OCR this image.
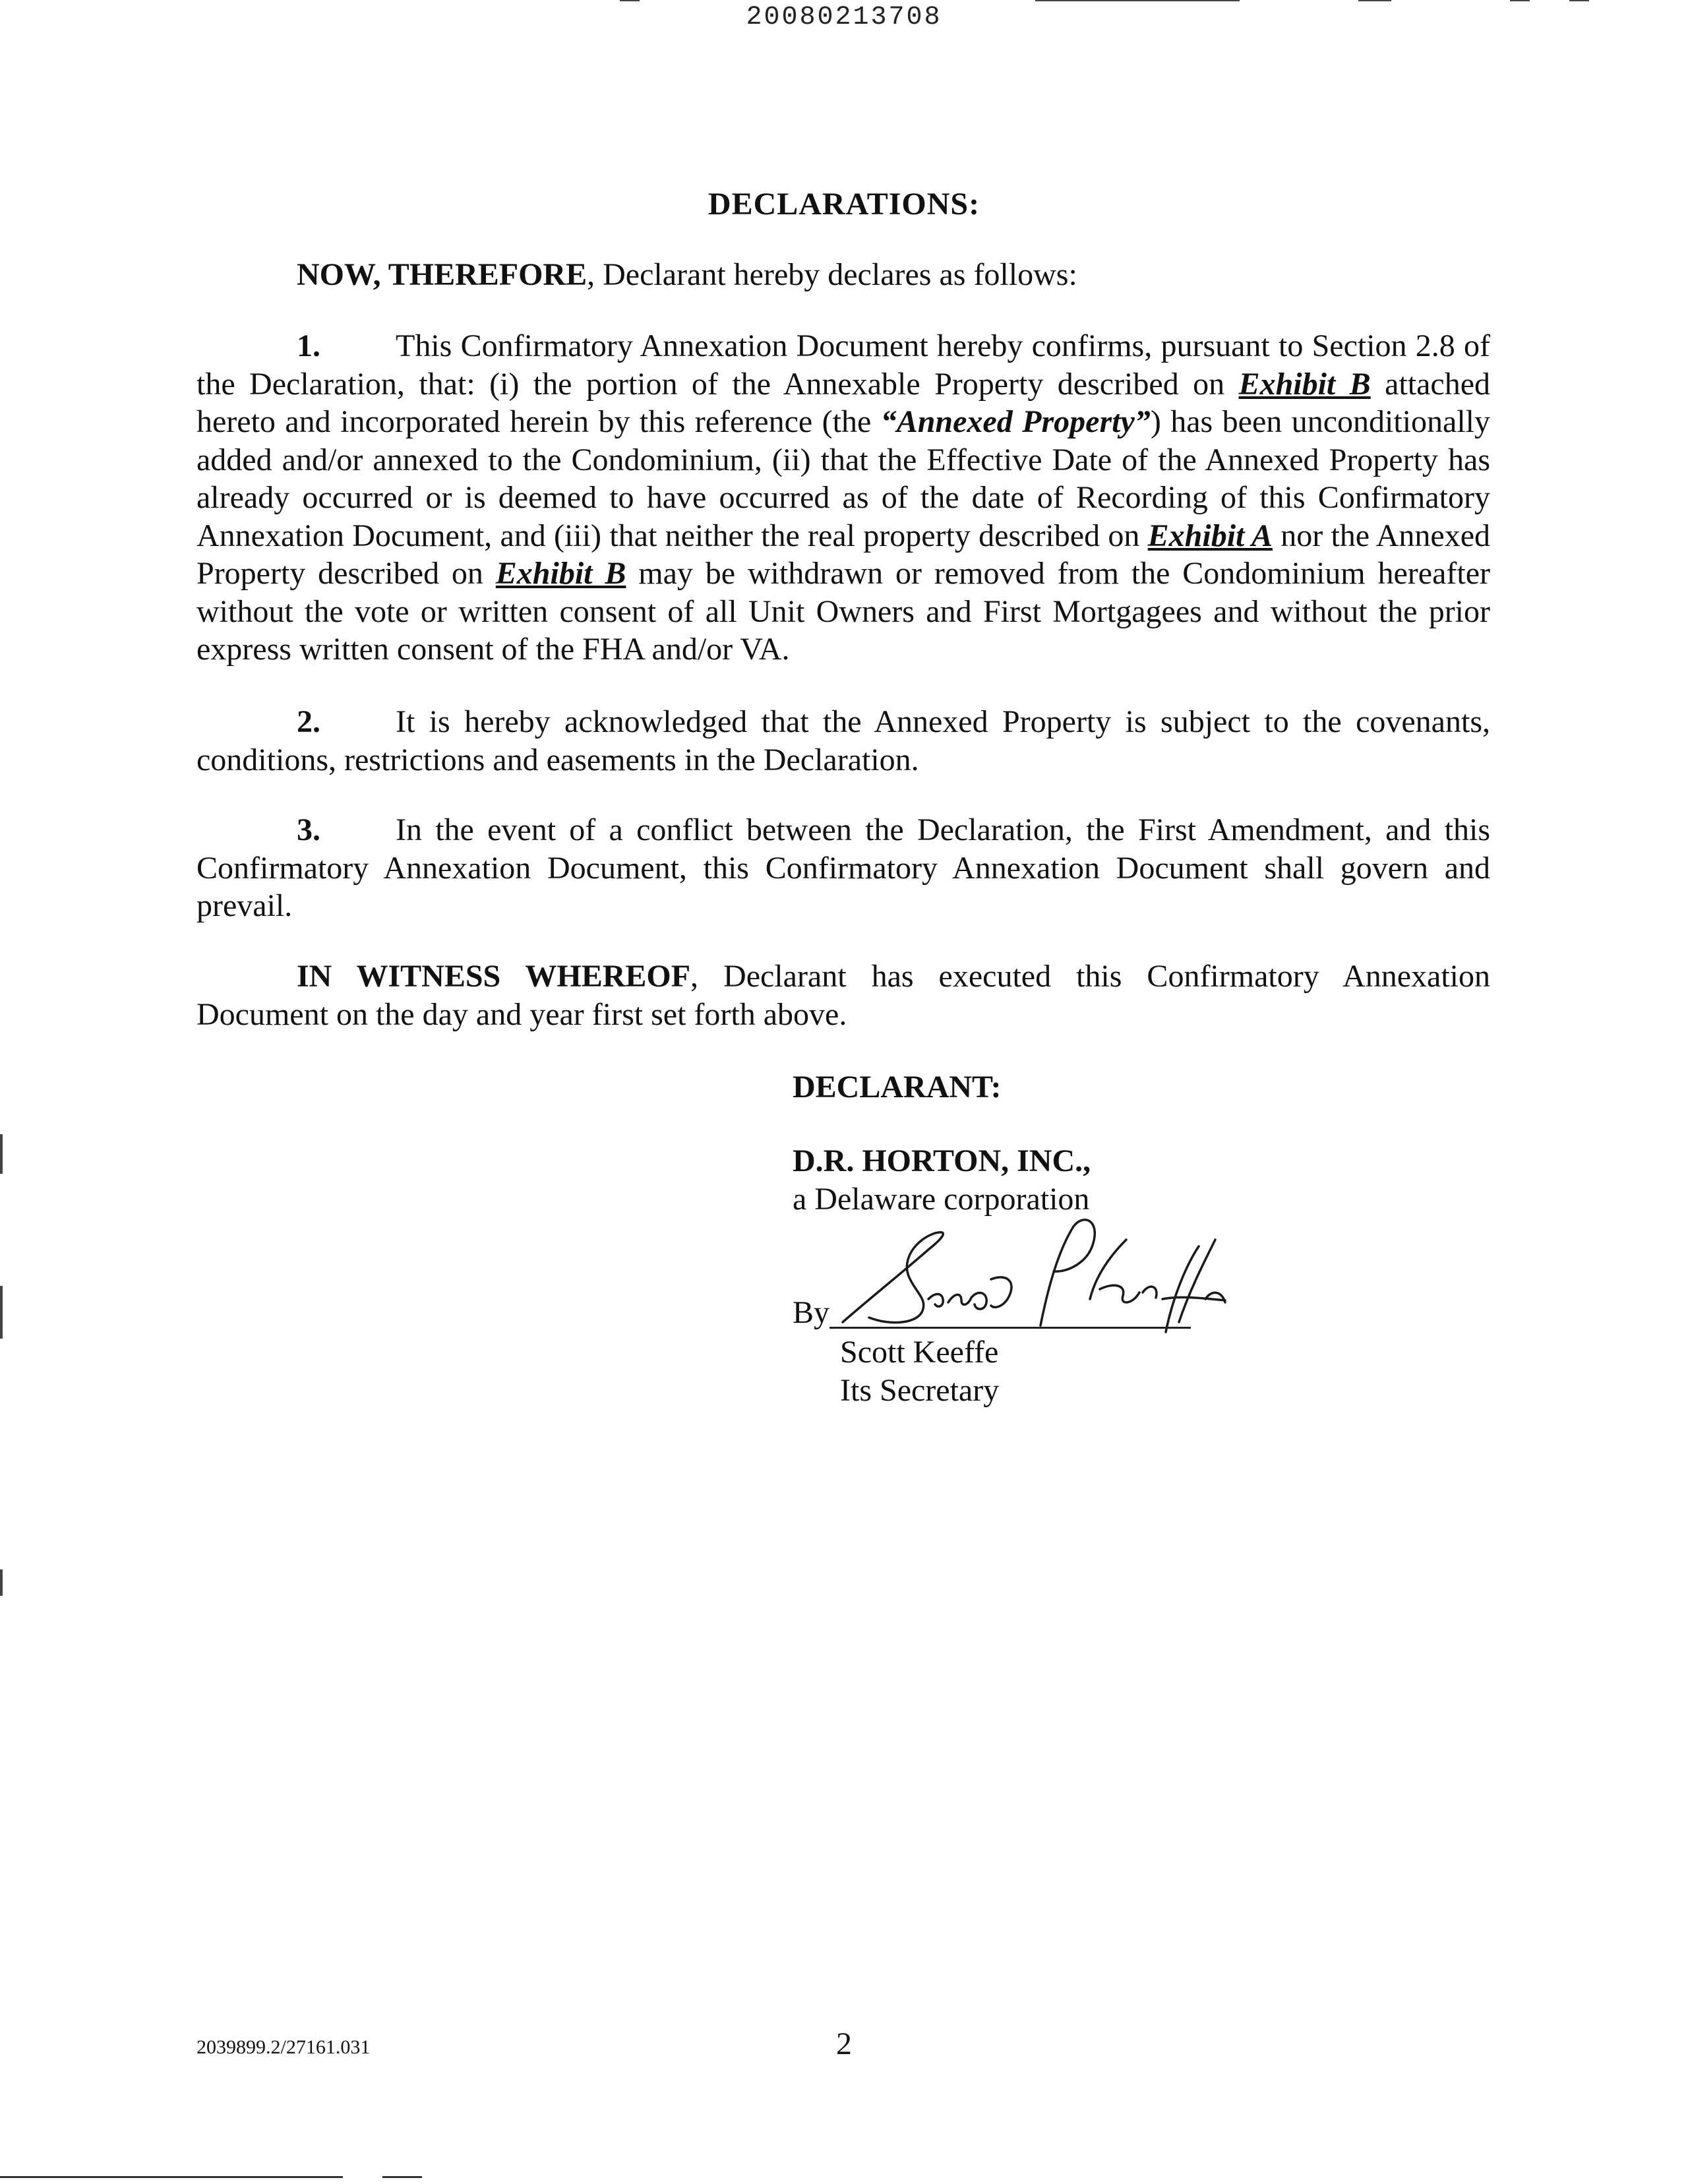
20080213708
DECLARATIONS:

NOW, THEREFORE, Declarant hereby declares as follows:

1. This Confirmatory Annexation Document hereby confirms, pursuant to Section 2.8 of the Declaration, that: (i) the portion of the Annexable Property described on Exhibit B attached hereto and incorporated herein by this reference (the “Annexed Property”) has been unconditionally added and/or annexed to the Condominium, (ii) that the Effective Date of the Annexed Property has already occurred or is deemed to have occurred as of the date of Recording of this Confirmatory Annexation Document, and (iii) that neither the real property described on Exhibit A nor the Annexed Property described on Exhibit B may be withdrawn or removed from the Condominium hereafter without the vote or written consent of all Unit Owners and First Mortgagees and without the prior express written consent of the FHA and/or VA.

2. It is hereby acknowledged that the Annexed Property is subject to the covenants, conditions, restrictions and easements in the Declaration.

3. In the event of a conflict between the Declaration, the First Amendment, and this Confirmatory Annexation Document, this Confirmatory Annexation Document shall govern and prevail.

IN WITNESS WHEREOF, Declarant has executed this Confirmatory Annexation Document on the day and year first set forth above.

DECLARANT:
D.R. HORTON, INC.,
a Delaware corporation
By
Scott Keeffe
Its Secretary
2039899.2/27161.031	2
